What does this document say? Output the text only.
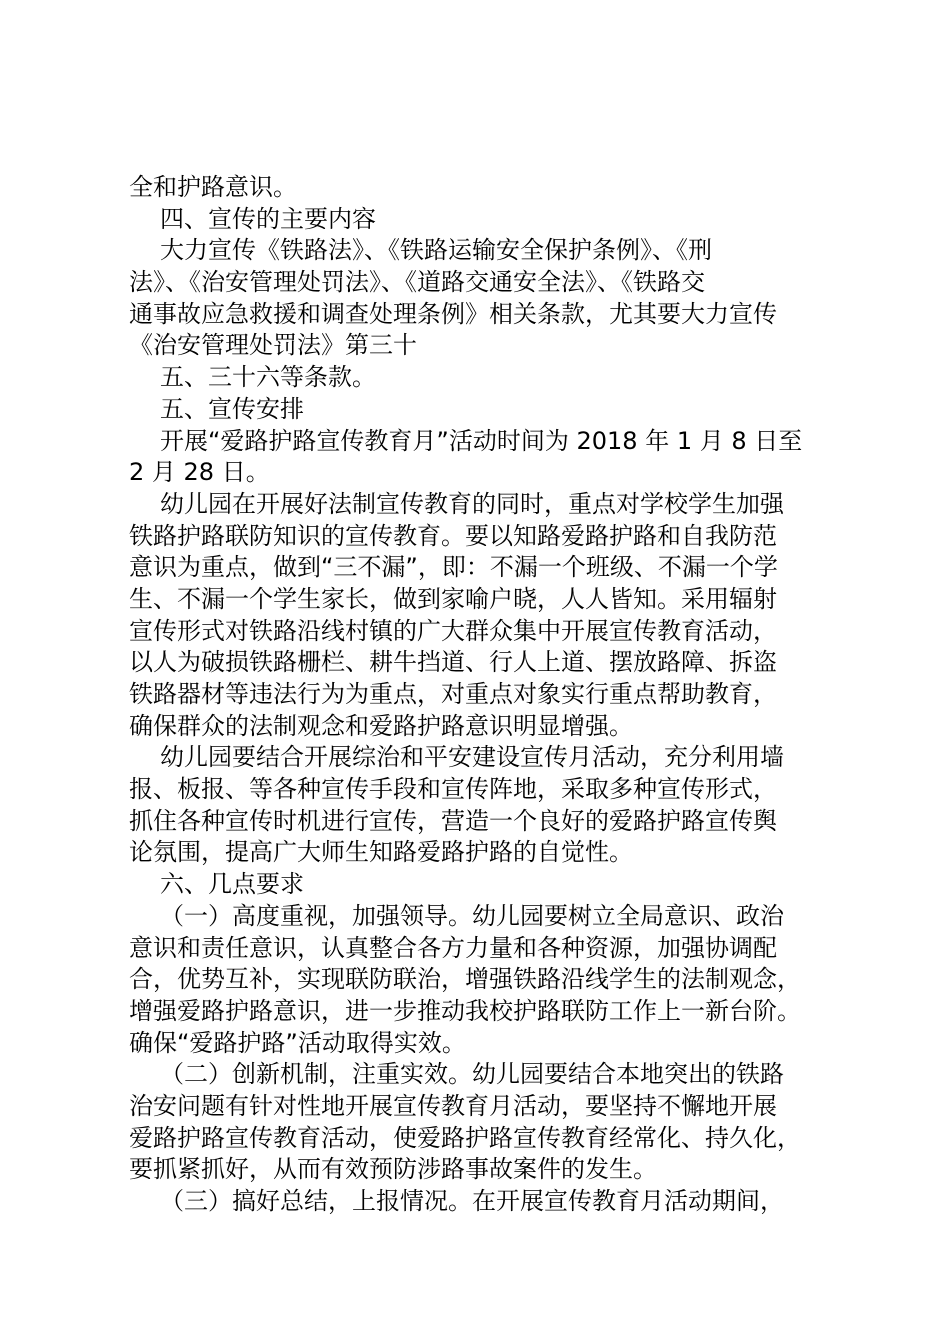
全和护路意识。
四、宣传的主要内容
大力宣传《铁路法》、《铁路运输安全保护条例》、《刑
法》、《治安管理处罚法》、《道路交通安全法》、《铁路交
通事故应急救援和调查处理条例》相关条款，尤其要大力宣传
《治安管理处罚法》第三十
五、三十六等条款。
五、宣传安排
开展“爱路护路宣传教育月”活动时间为 2018 年 1 月 8 日至
2 月 28 日。
幼儿园在开展好法制宣传教育的同时，重点对学校学生加强
铁路护路联防知识的宣传教育。要以知路爱路护路和自我防范
意识为重点，做到“三不漏”，即：不漏一个班级、不漏一个学
生、不漏一个学生家长，做到家喻户晓，人人皆知。采用辐射
宣传形式对铁路沿线村镇的广大群众集中开展宣传教育活动，
以人为破损铁路栅栏、耕牛挡道、行人上道、摆放路障、拆盗
铁路器材等违法行为为重点，对重点对象实行重点帮助教育，
确保群众的法制观念和爱路护路意识明显增强。
幼儿园要结合开展综治和平安建设宣传月活动，充分利用墙
报、板报、等各种宣传手段和宣传阵地，采取多种宣传形式，
抓住各种宣传时机进行宣传，营造一个良好的爱路护路宣传舆
论氛围，提高广大师生知路爱路护路的自觉性。
六、几点要求
（一）高度重视，加强领导。幼儿园要树立全局意识、政治
意识和责任意识，认真整合各方力量和各种资源，加强协调配
合，优势互补，实现联防联治，增强铁路沿线学生的法制观念，
增强爱路护路意识，进一步推动我校护路联防工作上一新台阶。
确保“爱路护路”活动取得实效。
（二）创新机制，注重实效。幼儿园要结合本地突出的铁路
治安问题有针对性地开展宣传教育月活动，要坚持不懈地开展
爱路护路宣传教育活动，使爱路护路宣传教育经常化、持久化，
要抓紧抓好，从而有效预防涉路事故案件的发生。
（三）搞好总结，上报情况。在开展宣传教育月活动期间，
